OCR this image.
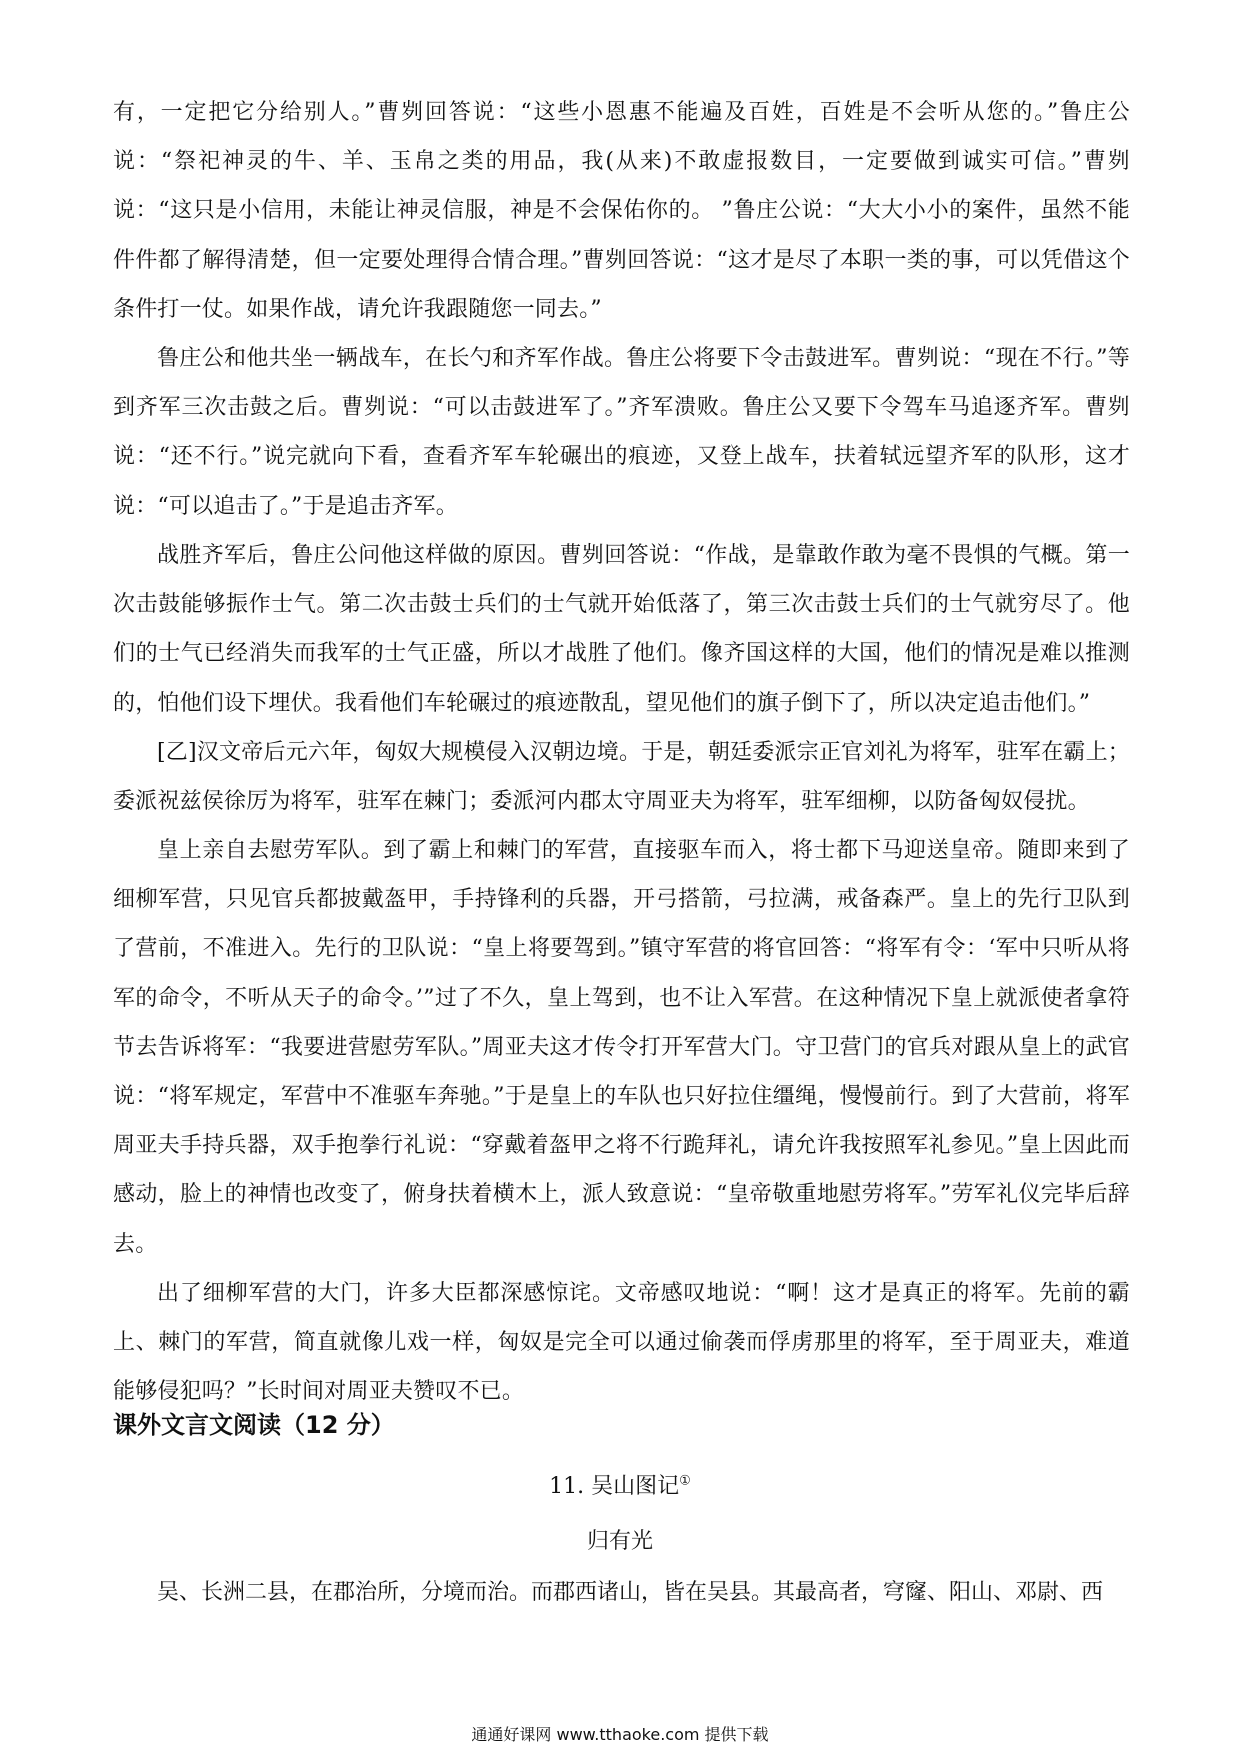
有，一定把它分给别人。”曹刿回答说：“这些小恩惠不能遍及百姓，百姓是不会听从您的。”鲁庄公说：“祭祀神灵的牛、羊、玉帛之类的用品，我(从来)不敢虚报数目，一定要做到诚实可信。”曹刿说：“这只是小信用，未能让神灵信服，神是不会保佑你的。 ”鲁庄公说：“大大小小的案件，虽然不能件件都了解得清楚，但一定要处理得合情合理。”曹刿回答说：“这才是尽了本职一类的事，可以凭借这个条件打一仗。如果作战，请允许我跟随您一同去。”

鲁庄公和他共坐一辆战车，在长勺和齐军作战。鲁庄公将要下令击鼓进军。曹刿说：“现在不行。”等到齐军三次击鼓之后。曹刿说：“可以击鼓进军了。”齐军溃败。鲁庄公又要下令驾车马追逐齐军。曹刿说：“还不行。”说完就向下看，查看齐军车轮碾出的痕迹，又登上战车，扶着轼远望齐军的队形，这才说：“可以追击了。”于是追击齐军。

战胜齐军后，鲁庄公问他这样做的原因。曹刿回答说：“作战，是靠敢作敢为毫不畏惧的气概。第一次击鼓能够振作士气。第二次击鼓士兵们的士气就开始低落了，第三次击鼓士兵们的士气就穷尽了。他们的士气已经消失而我军的士气正盛，所以才战胜了他们。像齐国这样的大国，他们的情况是难以推测的，怕他们设下埋伏。我看他们车轮碾过的痕迹散乱，望见他们的旗子倒下了，所以决定追击他们。”

[乙]汉文帝后元六年，匈奴大规模侵入汉朝边境。于是，朝廷委派宗正官刘礼为将军，驻军在霸上；委派祝兹侯徐厉为将军，驻军在棘门；委派河内郡太守周亚夫为将军，驻军细柳，以防备匈奴侵扰。

皇上亲自去慰劳军队。到了霸上和棘门的军营，直接驱车而入，将士都下马迎送皇帝。随即来到了细柳军营，只见官兵都披戴盔甲，手持锋利的兵器，开弓搭箭，弓拉满，戒备森严。皇上的先行卫队到了营前，不准进入。先行的卫队说：“皇上将要驾到。”镇守军营的将官回答：“将军有令：‘军中只听从将军的命令，不听从天子的命令。’”过了不久，皇上驾到，也不让入军营。在这种情况下皇上就派使者拿符节去告诉将军：“我要进营慰劳军队。”周亚夫这才传令打开军营大门。守卫营门的官兵对跟从皇上的武官说：“将军规定，军营中不准驱车奔驰。”于是皇上的车队也只好拉住缰绳，慢慢前行。到了大营前，将军周亚夫手持兵器，双手抱拳行礼说：“穿戴着盔甲之将不行跪拜礼，请允许我按照军礼参见。”皇上因此而感动，脸上的神情也改变了，俯身扶着横木上，派人致意说：“皇帝敬重地慰劳将军。”劳军礼仪完毕后辞去。

出了细柳军营的大门，许多大臣都深感惊诧。文帝感叹地说：“啊！这才是真正的将军。先前的霸上、棘门的军营，简直就像儿戏一样，匈奴是完全可以通过偷袭而俘虏那里的将军，至于周亚夫，难道能够侵犯吗？”长时间对周亚夫赞叹不已。

课外文言文阅读（12 分）

11. 吴山图记①

归有光

吴、长洲二县，在郡治所，分境而治。而郡西诸山，皆在吴县。其最高者，穹窿、阳山、邓尉、西

通通好课网 www.tthaoke.com 提供下载
